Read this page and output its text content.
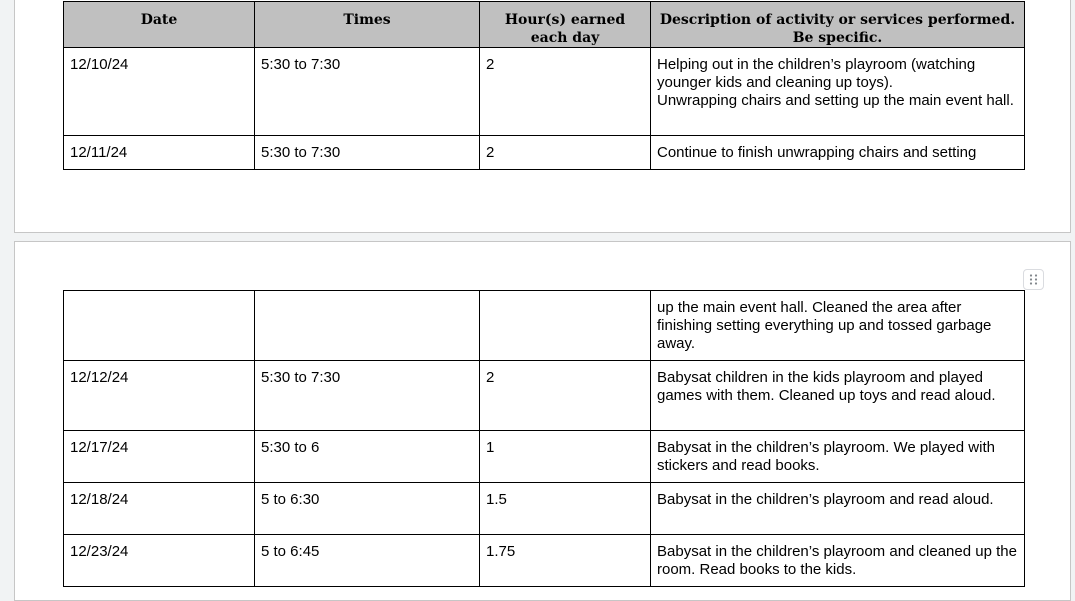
Date	Times	Hour(s) earned each day	Description of activity or services performed. Be specific.
12/10/24	5:30 to 7:30	2	Helping out in the children’s playroom (watching younger kids and cleaning up toys).
Unwrapping chairs and setting up the main event hall.

12/11/24	5:30 to 7:30	2	Continue to finish unwrapping chairs and setting

			up the main event hall. Cleaned the area after finishing setting everything up and tossed garbage away.

12/12/24	5:30 to 7:30	2	Babysat children in the kids playroom and played games with them. Cleaned up toys and read aloud.

12/17/24	5:30 to 6	1	Babysat in the children’s playroom. We played with stickers and read books.

12/18/24	5 to 6:30	1.5	Babysat in the children’s playroom and read aloud.

12/23/24	5 to 6:45	1.75	Babysat in the children’s playroom and cleaned up the room. Read books to the kids.
